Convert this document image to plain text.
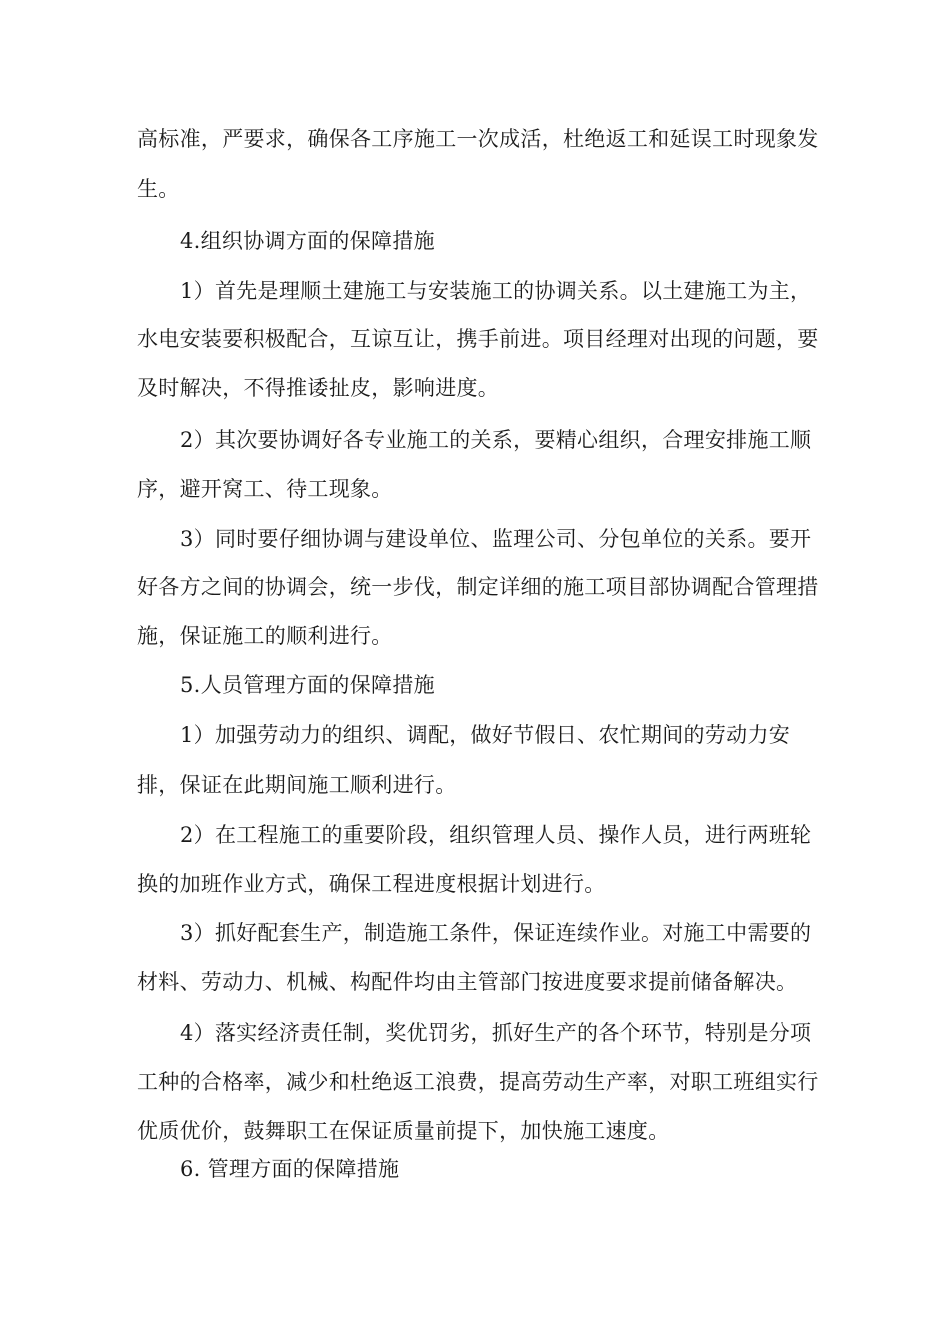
高标准，严要求，确保各工序施工一次成活，杜绝返工和延误工时现象发
生。
4.组织协调方面的保障措施
1）首先是理顺土建施工与安装施工的协调关系。以土建施工为主，
水电安装要积极配合，互谅互让，携手前进。项目经理对出现的问题，要
及时解决，不得推诿扯皮，影响进度。
2）其次要协调好各专业施工的关系，要精心组织，合理安排施工顺
序，避开窝工、待工现象。
3）同时要仔细协调与建设单位、监理公司、分包单位的关系。要开
好各方之间的协调会，统一步伐，制定详细的施工项目部协调配合管理措
施，保证施工的顺利进行。
5.人员管理方面的保障措施
1）加强劳动力的组织、调配，做好节假日、农忙期间的劳动力安
排，保证在此期间施工顺利进行。
2）在工程施工的重要阶段，组织管理人员、操作人员，进行两班轮
换的加班作业方式，确保工程进度根据计划进行。
3）抓好配套生产，制造施工条件，保证连续作业。对施工中需要的
材料、劳动力、机械、构配件均由主管部门按进度要求提前储备解决。
4）落实经济责任制，奖优罚劣，抓好生产的各个环节，特别是分项
工种的合格率，减少和杜绝返工浪费，提高劳动生产率，对职工班组实行
优质优价，鼓舞职工在保证质量前提下，加快施工速度。
6. 管理方面的保障措施
